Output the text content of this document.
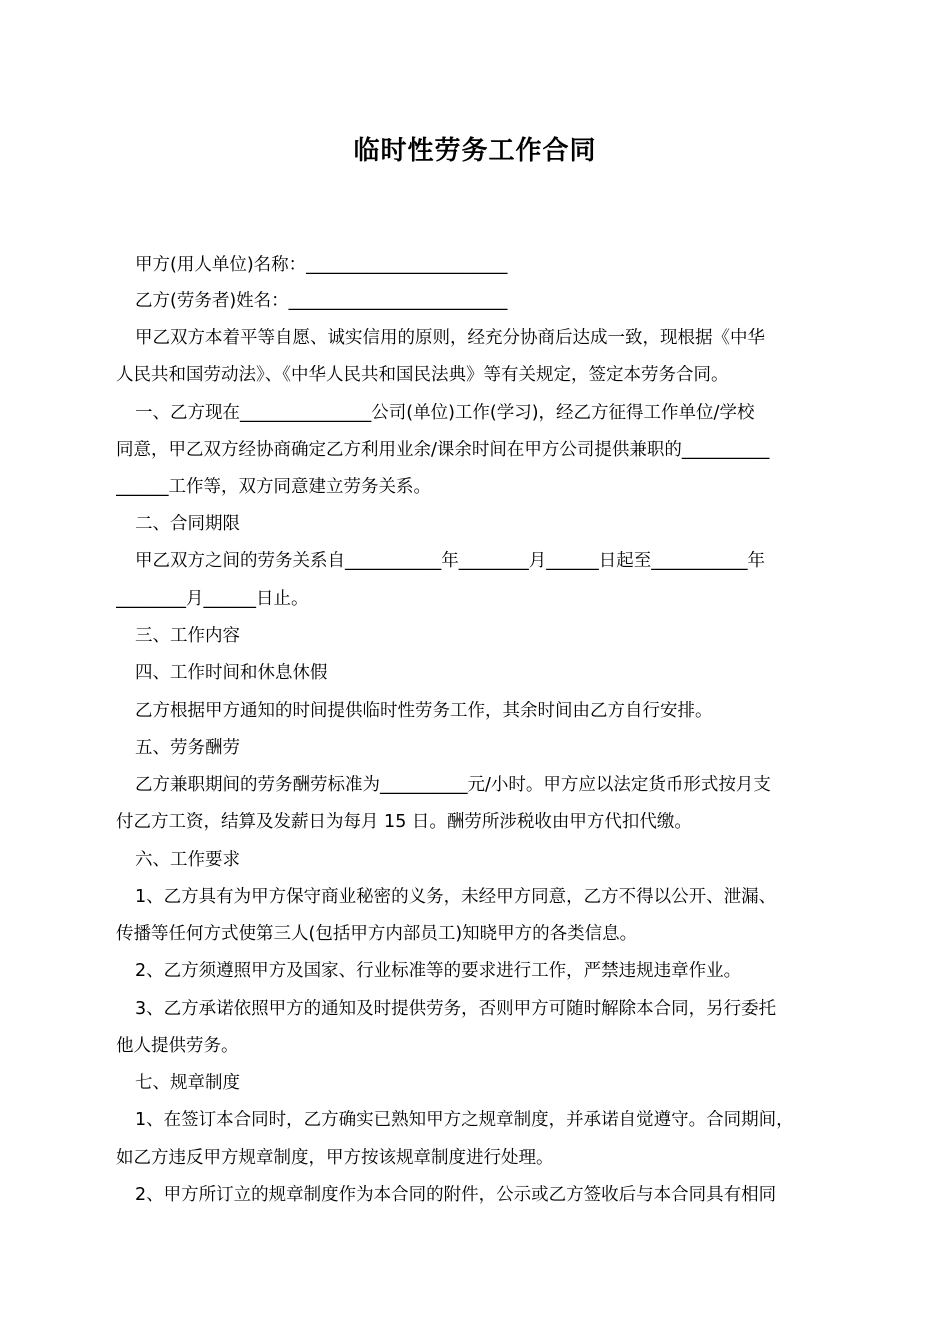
临时性劳务工作合同
甲方(用人单位)名称：_______________________
乙方(劳务者)姓名：_________________________
甲乙双方本着平等自愿、诚实信用的原则，经充分协商后达成一致，现根据《中华
人民共和国劳动法》、《中华人民共和国民法典》等有关规定，签定本劳务合同。
一、乙方现在_______________公司(单位)工作(学习)，经乙方征得工作单位/学校
同意，甲乙双方经协商确定乙方利用业余/课余时间在甲方公司提供兼职的__________
______工作等，双方同意建立劳务关系。
二、合同期限
甲乙双方之间的劳务关系自___________年________月______日起至___________年
________月______日止。
三、工作内容
四、工作时间和休息休假
乙方根据甲方通知的时间提供临时性劳务工作，其余时间由乙方自行安排。
五、劳务酬劳
乙方兼职期间的劳务酬劳标准为__________元/小时。甲方应以法定货币形式按月支
付乙方工资，结算及发薪日为每月 15 日。酬劳所涉税收由甲方代扣代缴。
六、工作要求
1、乙方具有为甲方保守商业秘密的义务，未经甲方同意，乙方不得以公开、泄漏、
传播等任何方式使第三人(包括甲方内部员工)知晓甲方的各类信息。
2、乙方须遵照甲方及国家、行业标准等的要求进行工作，严禁违规违章作业。
3、乙方承诺依照甲方的通知及时提供劳务，否则甲方可随时解除本合同，另行委托
他人提供劳务。
七、规章制度
1、在签订本合同时，乙方确实已熟知甲方之规章制度，并承诺自觉遵守。合同期间，
如乙方违反甲方规章制度，甲方按该规章制度进行处理。
2、甲方所订立的规章制度作为本合同的附件，公示或乙方签收后与本合同具有相同
